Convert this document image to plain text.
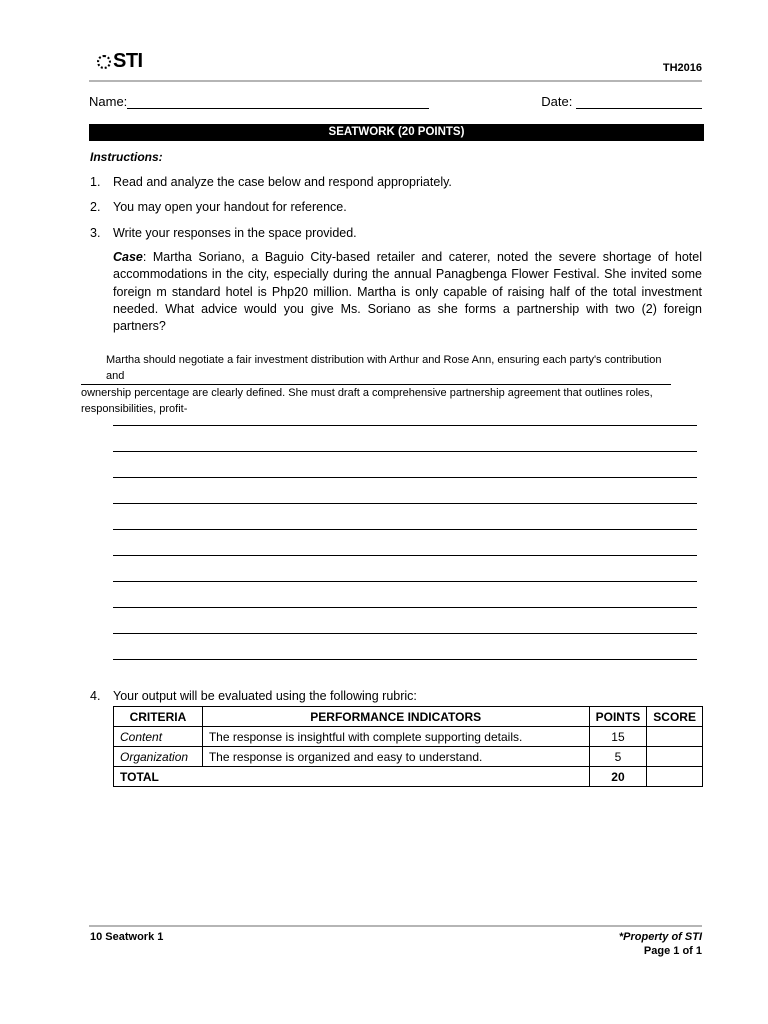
STI	TH2016
Name:	Date:
SEATWORK (20 POINTS)
Instructions:
1. Read and analyze the case below and respond appropriately.
2. You may open your handout for reference.
3. Write your responses in the space provided.
Case: Martha Soriano, a Baguio City-based retailer and caterer, noted the severe shortage of hotel accommodations in the city, especially during the annual Panagbenga Flower Festival. She invited some foreign m standard hotel is Php20 million. Martha is only capable of raising half of the total investment needed. What advice would you give Ms. Soriano as she forms a partnership with two (2) foreign partners?
Martha should negotiate a fair investment distribution with Arthur and Rose Ann, ensuring each party's contribution and
ownership percentage are clearly defined. She must draft a comprehensive partnership agreement that outlines roles,
responsibilities, profit-
4. Your output will be evaluated using the following rubric:
CRITERIA	PERFORMANCE INDICATORS	POINTS	SCORE
Content	The response is insightful with complete supporting details.	15	
Organization	The response is organized and easy to understand.	5	
TOTAL		20	
10 Seatwork 1	*Property of STI
Page 1 of 1
